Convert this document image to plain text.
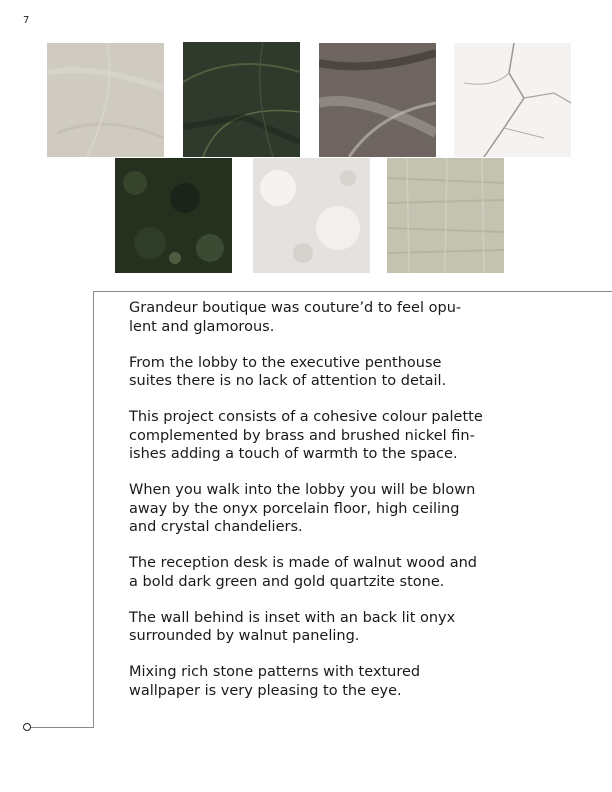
7

Grandeur boutique was couture’d to feel opu-
lent and glamorous.

From the lobby to the executive penthouse
suites there is no lack of attention to detail.

This project consists of a cohesive colour palette
complemented by brass and brushed nickel fin-
ishes adding a touch of warmth to the space.

When you walk into the lobby you will be blown
away by the onyx porcelain floor, high ceiling
and crystal chandeliers.

The reception desk is made of walnut wood and
a bold dark green and gold quartzite stone.

The wall behind is inset with an back lit onyx
surrounded by walnut paneling.

Mixing rich stone patterns with textured
wallpaper is very pleasing to the eye.
